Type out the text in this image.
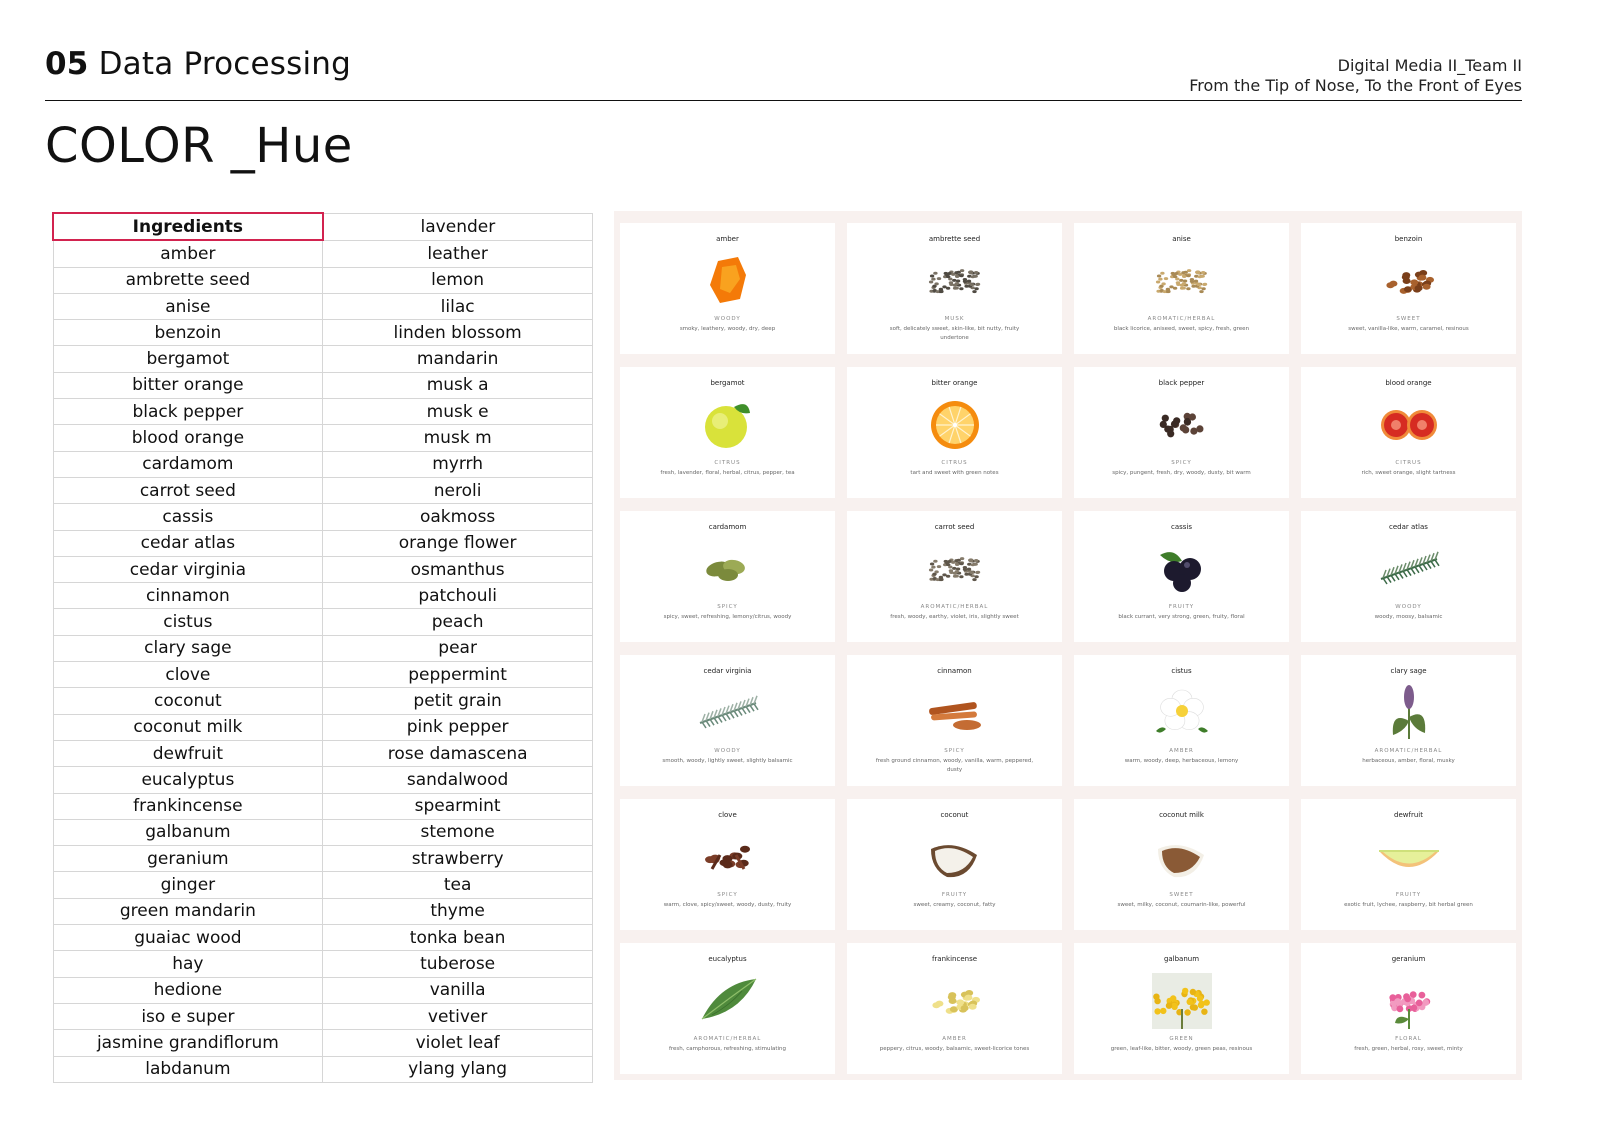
05 Data Processing	Digital Media II_Team II
From the Tip of Nose, To the Front of Eyes
COLOR _Hue
Ingredients	lavender
amber	leather
ambrette seed	lemon
anise	lilac
benzoin	linden blossom
bergamot	mandarin
bitter orange	musk a
black pepper	musk e
blood orange	musk m
cardamom	myrrh
carrot seed	neroli
cassis	oakmoss
cedar atlas	orange flower
cedar virginia	osmanthus
cinnamon	patchouli
cistus	peach
clary sage	pear
clove	peppermint
coconut	petit grain
coconut milk	pink pepper
dewfruit	rose damascena
eucalyptus	sandalwood
frankincense	spearmint
galbanum	stemone
geranium	strawberry
ginger	tea
green mandarin	thyme
guaiac wood	tonka bean
hay	tuberose
hedione	vanilla
iso e super	vetiver
jasmine grandiflorum	violet leaf
labdanum	ylang ylang
amber
WOODY
smoky, leathery, woody, dry, deep
ambrette seed
MUSK
soft, delicately sweet, skin-like, bit nutty, fruity undertone
anise
AROMATIC/HERBAL
black licorice, aniseed, sweet, spicy, fresh, green
benzoin
SWEET
sweet, vanilla-like, warm, caramel, resinous
bergamot
CITRUS
fresh, lavender, floral, herbal, citrus, pepper, tea
bitter orange
CITRUS
tart and sweet with green notes
black pepper
SPICY
spicy, pungent, fresh, dry, woody, dusty, bit warm
blood orange
CITRUS
rich, sweet orange, slight tartness
cardamom
SPICY
spicy, sweet, refreshing, lemony/citrus, woody
carrot seed
AROMATIC/HERBAL
fresh, woody, earthy, violet, iris, slightly sweet
cassis
FRUITY
black currant, very strong, green, fruity, floral
cedar atlas
WOODY
woody, moosy, balsamic
cedar virginia
WOODY
smooth, woody, lightly sweet, slightly balsamic
cinnamon
SPICY
fresh ground cinnamon, woody, vanilla, warm, peppered, dusty
cistus
AMBER
warm, woody, deep, herbaceous, lemony
clary sage
AROMATIC/HERBAL
herbaceous, amber, floral, musky
clove
SPICY
warm, clove, spicy/sweet, woody, dusty, fruity
coconut
FRUITY
sweet, creamy, coconut, fatty
coconut milk
SWEET
sweet, milky, coconut, coumarin-like, powerful
dewfruit
FRUITY
exotic fruit, lychee, raspberry, bit herbal green
eucalyptus
AROMATIC/HERBAL
fresh, camphorous, refreshing, stimulating
frankincense
AMBER
peppery, citrus, woody, balsamic, sweet-licorice tones
galbanum
GREEN
green, leaf-like, bitter, woody, green peas, resinous
geranium
FLORAL
fresh, green, herbal, rosy, sweet, minty
